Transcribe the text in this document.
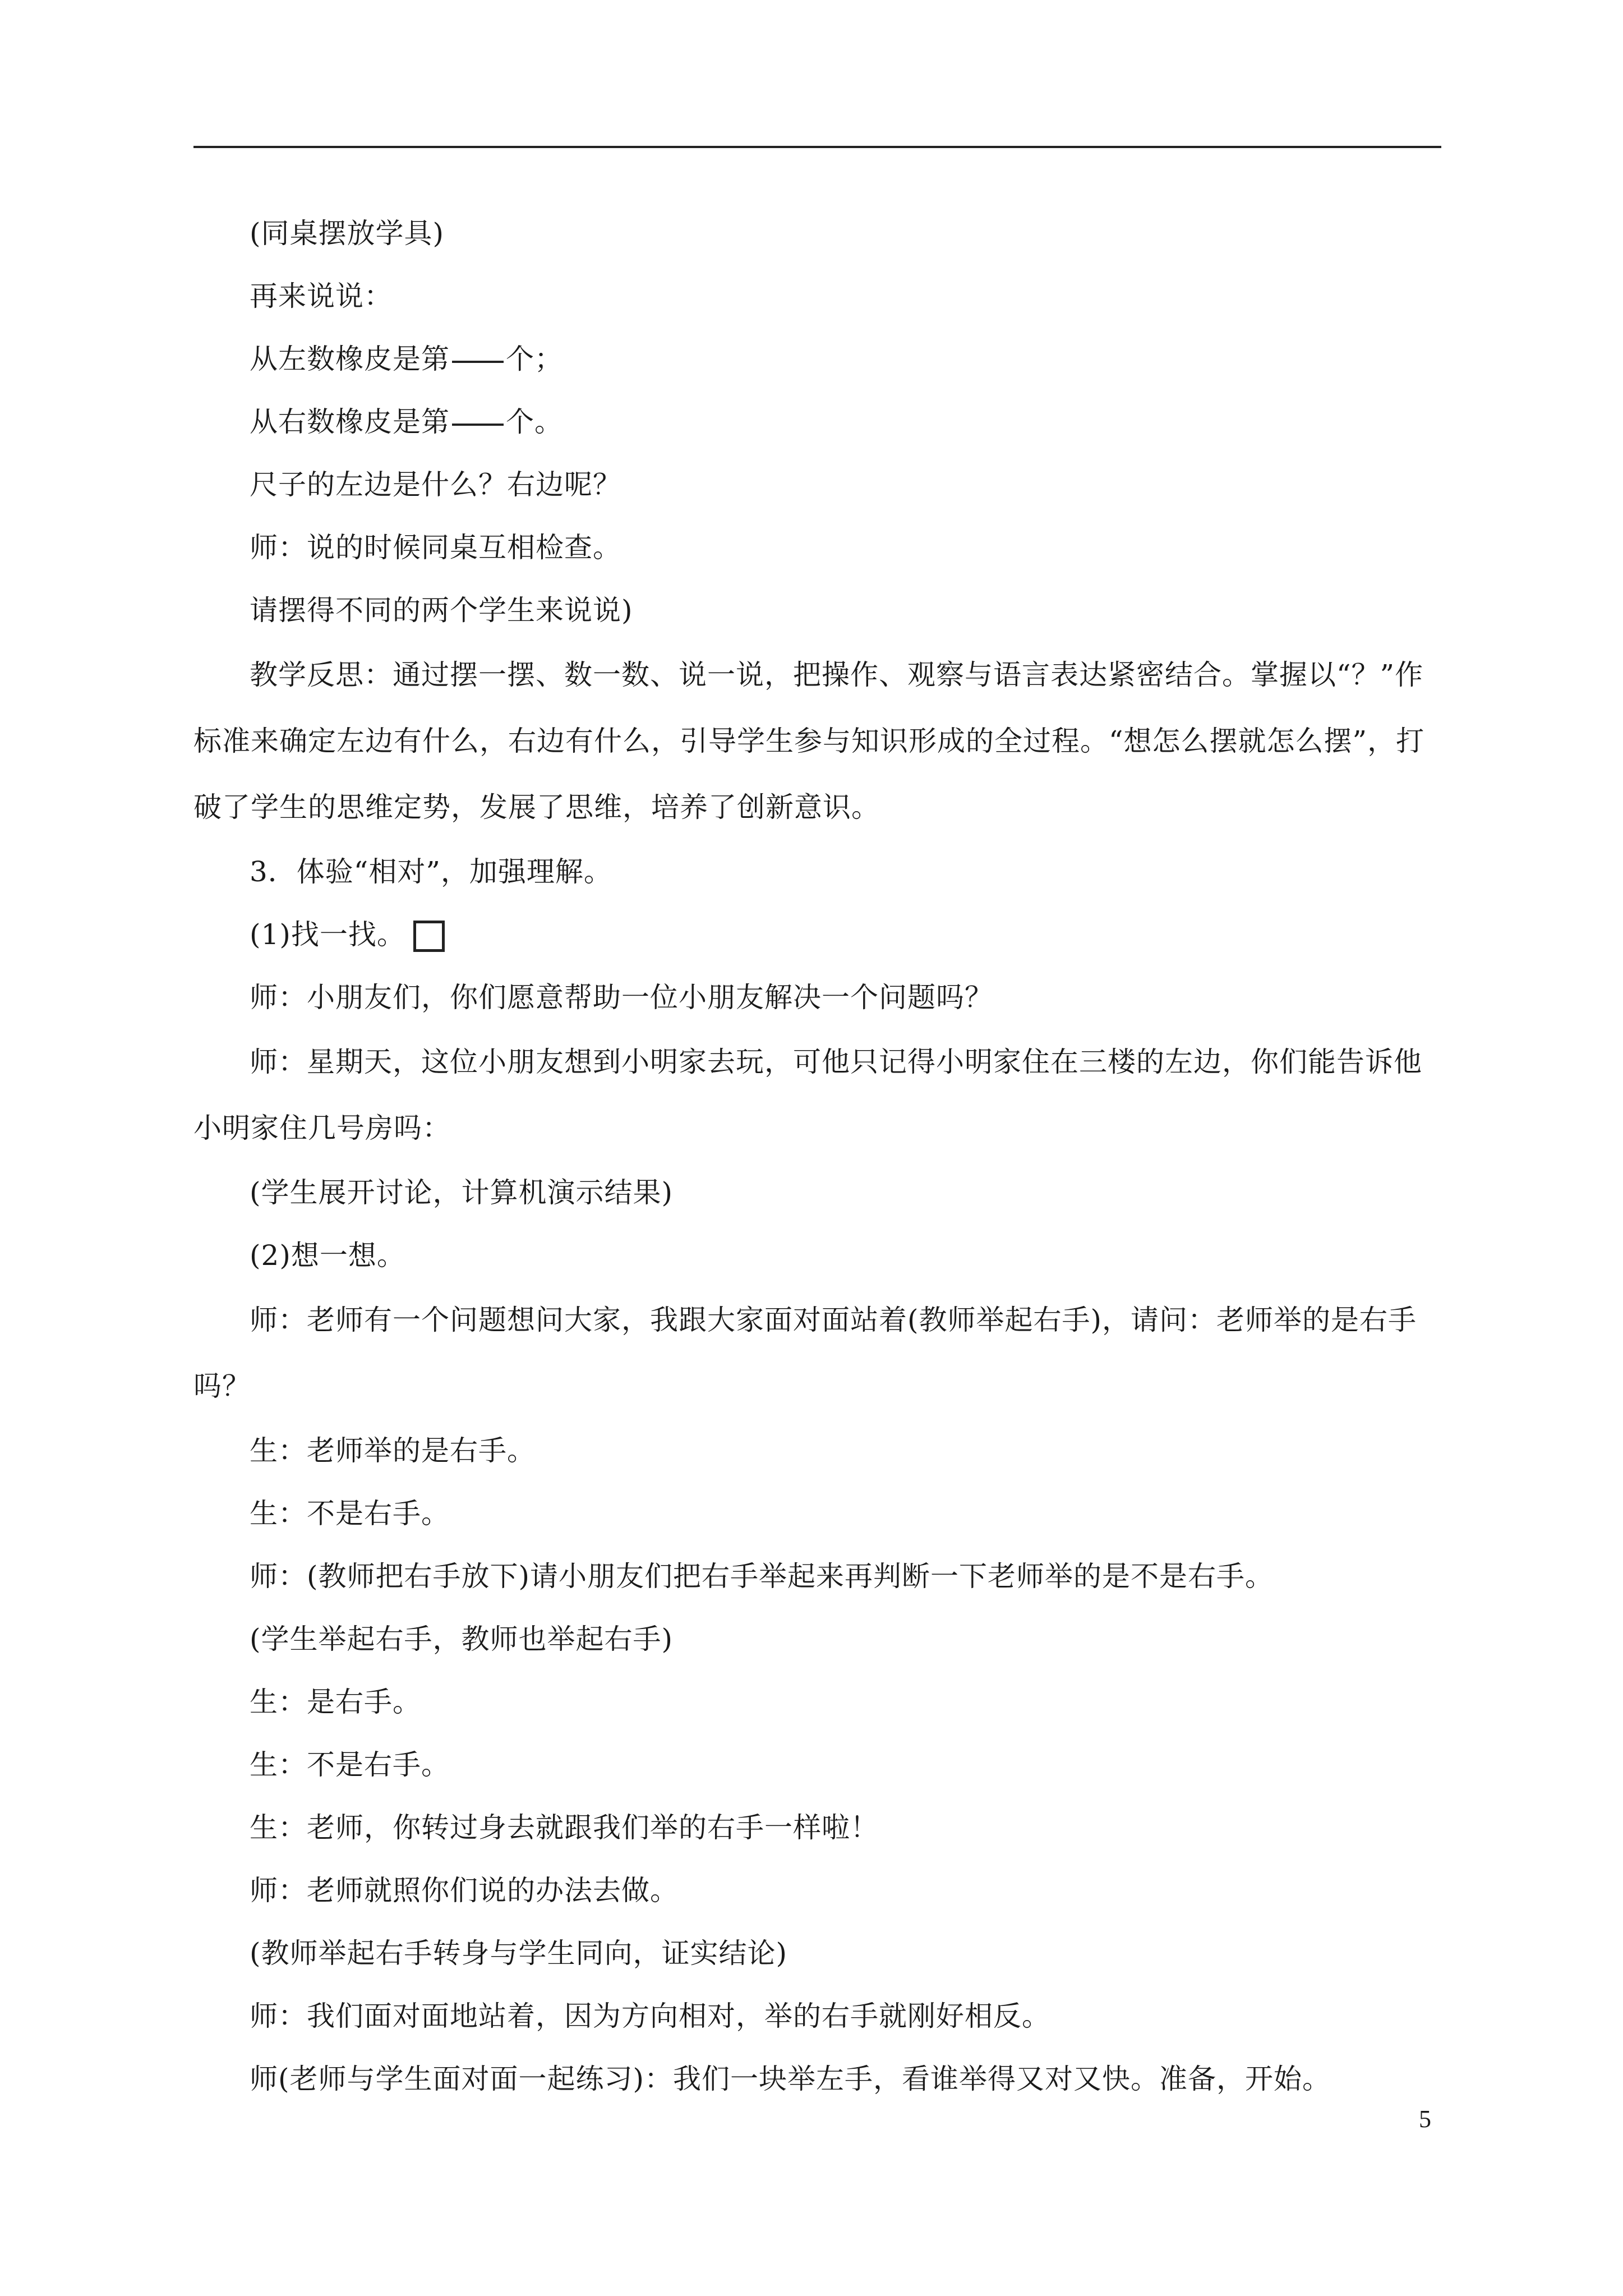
(同桌摆放学具)

再来说说：

从左数橡皮是第 个；

从右数橡皮是第 个。

尺子的左边是什么？右边呢？

师：说的时候同桌互相检查。

请摆得不同的两个学生来说说)

教学反思：通过摆一摆、数一数、说一说，把操作、观察与语言表达紧密结合。掌握以“？”作标准来确定左边有什么，右边有什么，引导学生参与知识形成的全过程。“想怎么摆就怎么摆”，打破了学生的思维定势，发展了思维，培养了创新意识。

3．体验“相对”，加强理解。

(1)找一找。

师：小朋友们，你们愿意帮助一位小朋友解决一个问题吗？

师：星期天，这位小朋友想到小明家去玩，可他只记得小明家住在三楼的左边，你们能告诉他小明家住几号房吗：

(学生展开讨论，计算机演示结果)

(2)想一想。

师：老师有一个问题想问大家，我跟大家面对面站着(教师举起右手)，请问：老师举的是右手吗？

生：老师举的是右手。

生：不是右手。

师：(教师把右手放下)请小朋友们把右手举起来再判断一下老师举的是不是右手。

(学生举起右手，教师也举起右手)

生：是右手。

生：不是右手。

生：老师，你转过身去就跟我们举的右手一样啦！

师：老师就照你们说的办法去做。

(教师举起右手转身与学生同向，证实结论)

师：我们面对面地站着，因为方向相对，举的右手就刚好相反。

师(老师与学生面对面一起练习)：我们一块举左手，看谁举得又对又快。准备，开始。

5
